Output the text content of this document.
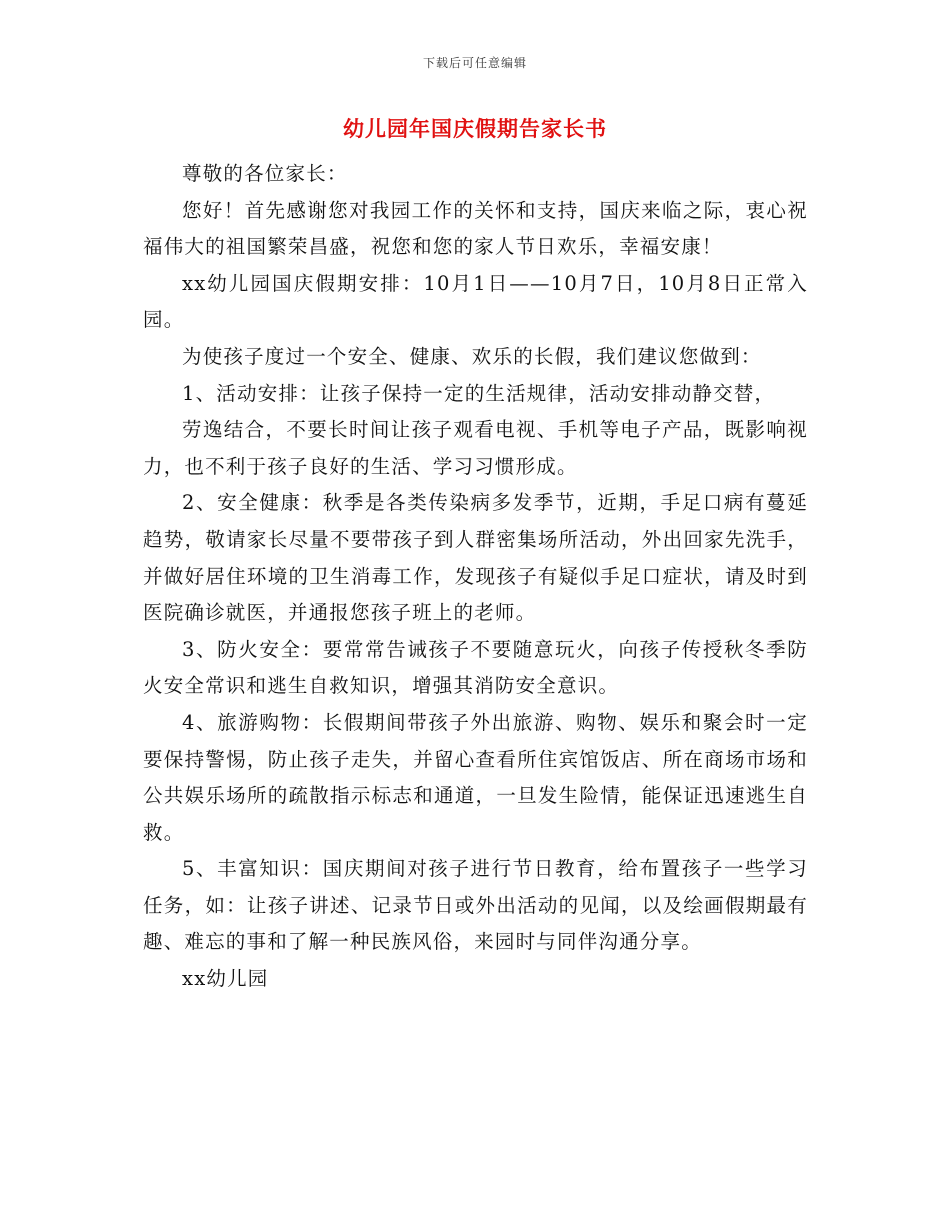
下载后可任意编辑
幼儿园年国庆假期告家长书

尊敬的各位家长：

您好！首先感谢您对我园工作的关怀和支持，国庆来临之际，衷心祝福伟大的祖国繁荣昌盛，祝您和您的家人节日欢乐，幸福安康！

xx幼儿园国庆假期安排：10月1日——10月7日，10月8日正常入园。

为使孩子度过一个安全、健康、欢乐的长假，我们建议您做到：

1、活动安排：让孩子保持一定的生活规律，活动安排动静交替，

劳逸结合，不要长时间让孩子观看电视、手机等电子产品，既影响视力，也不利于孩子良好的生活、学习习惯形成。

2、安全健康：秋季是各类传染病多发季节，近期，手足口病有蔓延趋势，敬请家长尽量不要带孩子到人群密集场所活动，外出回家先洗手，并做好居住环境的卫生消毒工作，发现孩子有疑似手足口症状，请及时到医院确诊就医，并通报您孩子班上的老师。

3、防火安全：要常常告诫孩子不要随意玩火，向孩子传授秋冬季防火安全常识和逃生自救知识，增强其消防安全意识。

4、旅游购物：长假期间带孩子外出旅游、购物、娱乐和聚会时一定要保持警惕，防止孩子走失，并留心查看所住宾馆饭店、所在商场市场和公共娱乐场所的疏散指示标志和通道，一旦发生险情，能保证迅速逃生自救。

5、丰富知识：国庆期间对孩子进行节日教育，给布置孩子一些学习任务，如：让孩子讲述、记录节日或外出活动的见闻，以及绘画假期最有趣、难忘的事和了解一种民族风俗，来园时与同伴沟通分享。

xx幼儿园
